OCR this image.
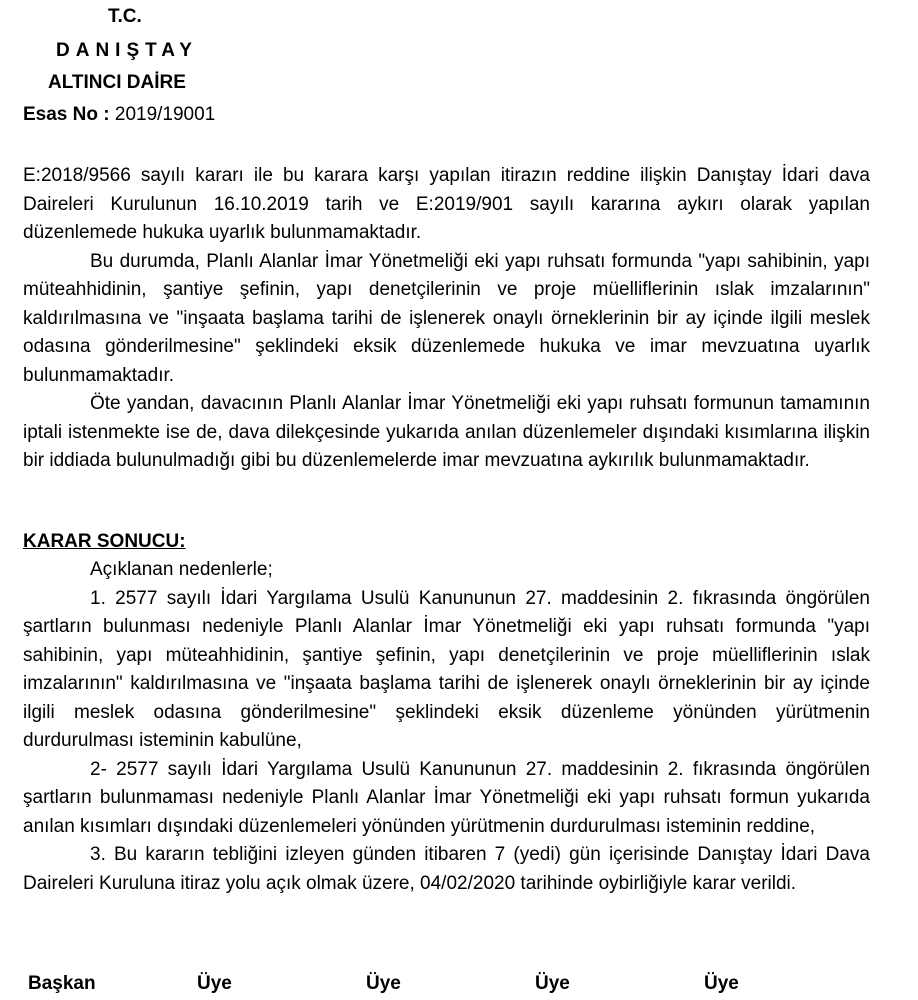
T.C.
DANIŞTAY
ALTINCI DAİRE
Esas No : 2019/19001

E:2018/9566 sayılı kararı ile bu karara karşı yapılan itirazın reddine ilişkin Danıştay İdari dava Daireleri Kurulunun 16.10.2019 tarih ve E:2019/901 sayılı kararına aykırı olarak yapılan düzenlemede hukuka uyarlık bulunmamaktadır.

Bu durumda, Planlı Alanlar İmar Yönetmeliği eki yapı ruhsatı formunda "yapı sahibinin, yapı müteahhidinin, şantiye şefinin, yapı denetçilerinin ve proje müelliflerinin ıslak imzalarının" kaldırılmasına ve "inşaata başlama tarihi de işlenerek onaylı örneklerinin bir ay içinde ilgili meslek odasına gönderilmesine" şeklindeki eksik düzenlemede hukuka ve imar mevzuatına uyarlık bulunmamaktadır.

Öte yandan, davacının Planlı Alanlar İmar Yönetmeliği eki yapı ruhsatı formunun tamamının iptali istenmekte ise de, dava dilekçesinde yukarıda anılan düzenlemeler dışındaki kısımlarına ilişkin bir iddiada bulunulmadığı gibi bu düzenlemelerde imar mevzuatına aykırılık bulunmamaktadır.

KARAR SONUCU:

Açıklanan nedenlerle;

1. 2577 sayılı İdari Yargılama Usulü Kanununun 27. maddesinin 2. fıkrasında öngörülen şartların bulunması nedeniyle Planlı Alanlar İmar Yönetmeliği eki yapı ruhsatı formunda "yapı sahibinin, yapı müteahhidinin, şantiye şefinin, yapı denetçilerinin ve proje müelliflerinin ıslak imzalarının" kaldırılmasına ve "inşaata başlama tarihi de işlenerek onaylı örneklerinin bir ay içinde ilgili meslek odasına gönderilmesine" şeklindeki eksik düzenleme yönünden yürütmenin durdurulması isteminin kabulüne,

2- 2577 sayılı İdari Yargılama Usulü Kanununun 27. maddesinin 2. fıkrasında öngörülen şartların bulunmaması nedeniyle Planlı Alanlar İmar Yönetmeliği eki yapı ruhsatı formun yukarıda anılan kısımları dışındaki düzenlemeleri yönünden yürütmenin durdurulması isteminin reddine,

3. Bu kararın tebliğini izleyen günden itibaren 7 (yedi) gün içerisinde Danıştay İdari Dava Daireleri Kuruluna itiraz yolu açık olmak üzere, 04/02/2020 tarihinde oybirliğiyle karar verildi.

Başkan	Üye	Üye	Üye	Üye
